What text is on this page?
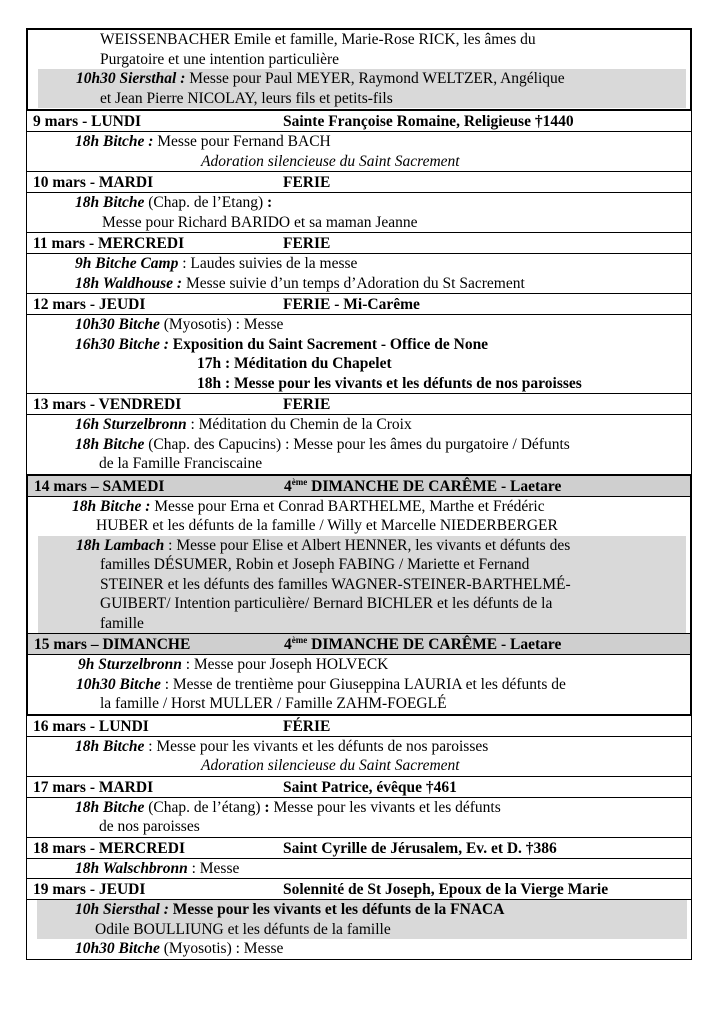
WEISSENBACHER Emile et famille, Marie-Rose RICK, les âmes du
Purgatoire et une intention particulière
10h30 Siersthal : Messe pour Paul MEYER, Raymond WELTZER, Angélique
et Jean Pierre NICOLAY, leurs fils et petits-fils
9 mars - LUNDI	Sainte Françoise Romaine, Religieuse †1440
18h Bitche : Messe pour Fernand BACH
Adoration silencieuse du Saint Sacrement
10 mars - MARDI	FERIE
18h Bitche (Chap. de l’Etang) :
Messe pour Richard BARIDO et sa maman Jeanne
11 mars - MERCREDI	FERIE
9h Bitche Camp : Laudes suivies de la messe
18h Waldhouse : Messe suivie d’un temps d’Adoration du St Sacrement
12 mars - JEUDI	FERIE - Mi-Carême
10h30 Bitche (Myosotis) : Messe
16h30 Bitche : Exposition du Saint Sacrement - Office de None
17h : Méditation du Chapelet
18h : Messe pour les vivants et les défunts de nos paroisses
13 mars - VENDREDI	FERIE
16h Sturzelbronn : Méditation du Chemin de la Croix
18h Bitche (Chap. des Capucins) : Messe pour les âmes du purgatoire / Défunts
de la Famille Franciscaine
14 mars – SAMEDI	4ème DIMANCHE DE CARÊME - Laetare
18h Bitche : Messe pour Erna et Conrad BARTHELME, Marthe et Frédéric
HUBER et les défunts de la famille / Willy et Marcelle NIEDERBERGER
18h Lambach : Messe pour Elise et Albert HENNER, les vivants et défunts des
familles DÉSUMER, Robin et Joseph FABING / Mariette et Fernand
STEINER et les défunts des familles WAGNER-STEINER-BARTHELMÉ-
GUIBERT/ Intention particulière/ Bernard BICHLER et les défunts de la
famille
15 mars – DIMANCHE	4ème DIMANCHE DE CARÊME - Laetare
9h Sturzelbronn : Messe pour Joseph HOLVECK
10h30 Bitche : Messe de trentième pour Giuseppina LAURIA et les défunts de
la famille / Horst MULLER / Famille ZAHM-FOEGLÉ
16 mars - LUNDI	FÉRIE
18h Bitche : Messe pour les vivants et les défunts de nos paroisses
Adoration silencieuse du Saint Sacrement
17 mars - MARDI	Saint Patrice, évêque †461
18h Bitche (Chap. de l’étang) : Messe pour les vivants et les défunts
de nos paroisses
18 mars - MERCREDI	Saint Cyrille de Jérusalem, Ev. et D. †386
18h Walschbronn : Messe
19 mars - JEUDI	Solennité de St Joseph, Epoux de la Vierge Marie
10h Siersthal : Messe pour les vivants et les défunts de la FNACA
Odile BOULLIUNG et les défunts de la famille
10h30 Bitche (Myosotis) : Messe
